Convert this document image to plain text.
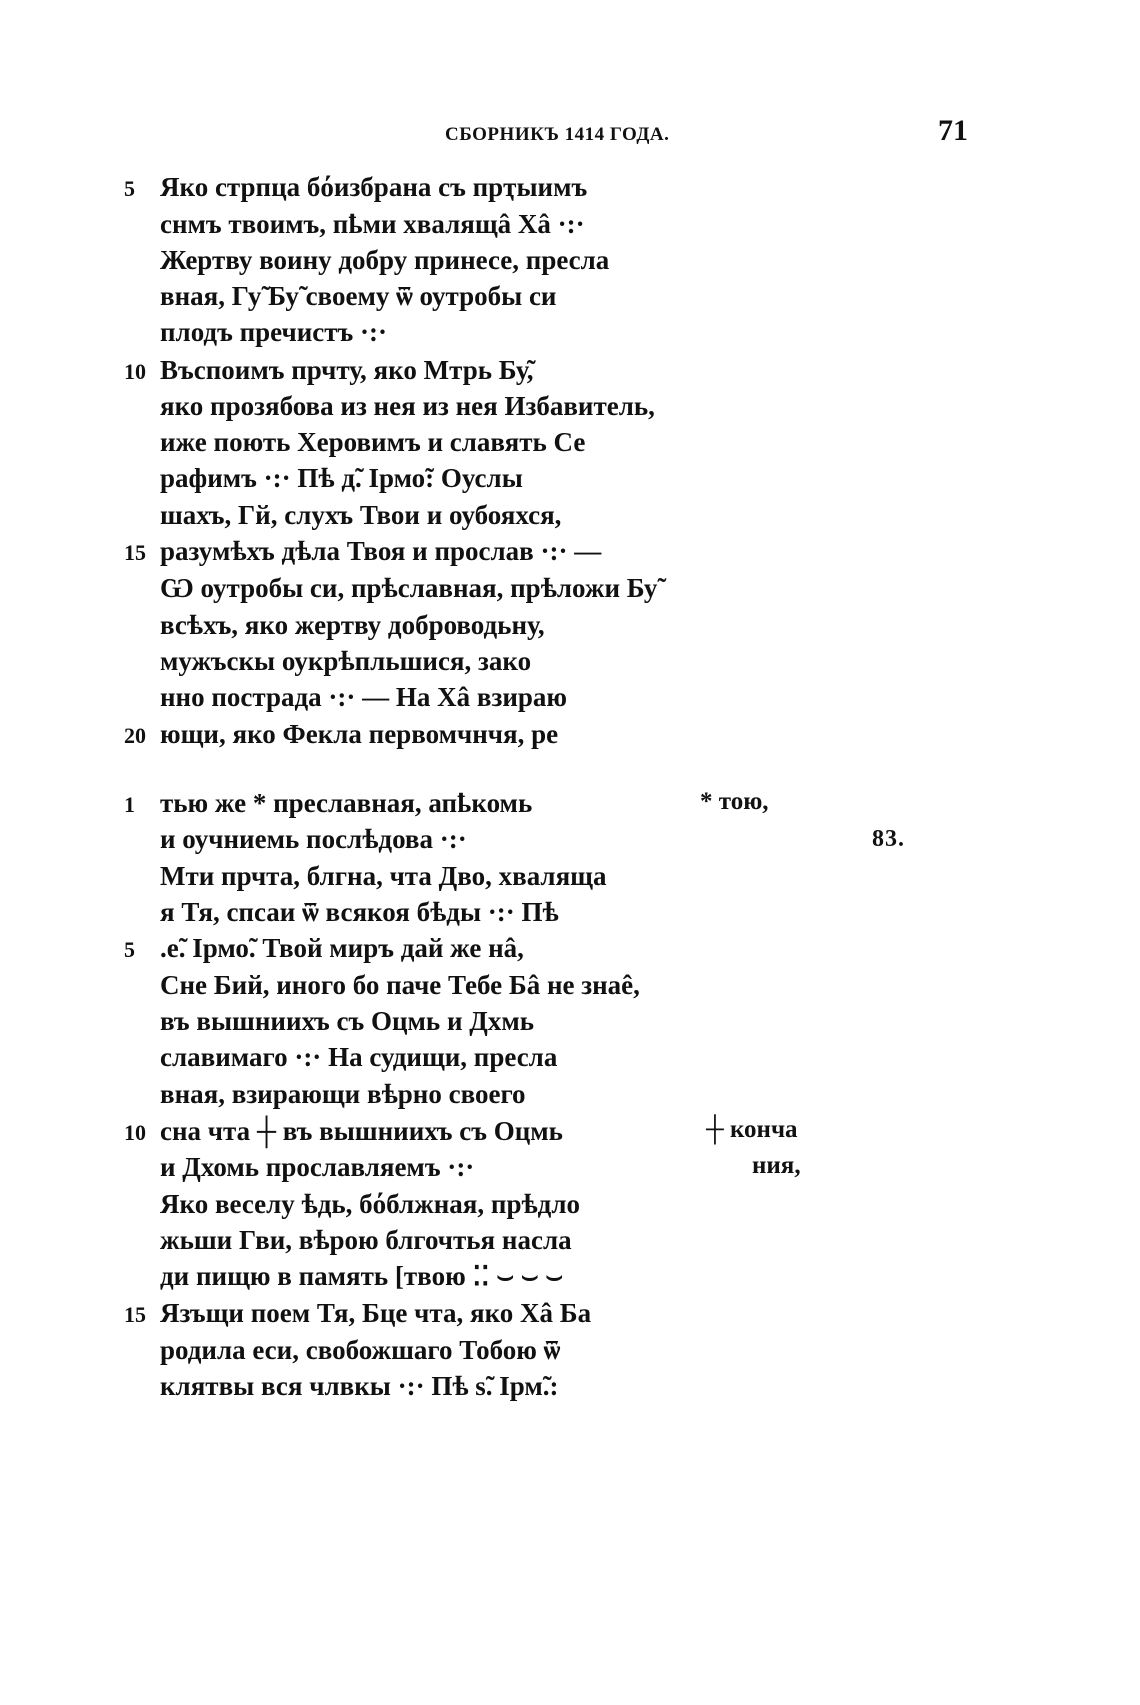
СБОРНИКЪ 1414 ГОДА.	71
Яко стрпца бόизбрана съ прҭыимъ
снмъ твоимъ, пҍми хвалящâ Хâ ·:·
Жертву воину добру принесе, пресла
вная, Гу̃ Бу̃ своему ѿ оутробы си
плодъ пречистъ ·:·
Въспоимъ прчту, яко Мтрь Бу̃,
яко прозябова из нея из нея Избавитель,
иже поють Херовимъ и славять Се
рафимъ ·:· Пѣ д̃. Ірмо̃: Оуслы
шахъ, Гй, слухъ Твои и оубояхся,
разумѣхъ дѣла Твоя и прослав ·:· —
Ѡ оутробы си, прѣславная, прѣложи Бу̃
всѣхъ, яко жертву доброводьну,
мужъскы оукрѣпльшися, зако
нно пострада ·:· — На Хâ взираю
ющи, яко Фекла первомчнчя, ре
5
10
15
20
83.
тью же * преславная, апҍкомь
и оучниемь послѣдова ·:·
Мти прчта, блгна, чта Дво, хваляща
я Тя, спсаи ѿ всякоя бѣды ·:· Пѣ
.е̃. Ірмо̃. Твой миръ дай же нâ,
Сне Бий, иного бо паче Тебе Бâ не знаê,
въ вышниихъ съ Оцмь и Дхмь
славимаго ·:· На судищи, пресла
вная, взирающи вѣрно своего
сна чта ┼ въ вышниихъ съ Оцмь
и Дхомь прославляемъ ·:·
Яко веселу ѣдь, бόблжная, прѣдло
жьши Гви, вѣрою блгочтья насла
ди пищю в память [твою ⁚⁚ ⌣ ⌣ ⌣
Язъщи поем Тя, Бце чта, яко Хâ Ба
родила еси, свобожшаго Тобою ѿ
клятвы вся члвкы ·:· Пѣ ѕ̃. Ірм̃.:
1
5
10
15
* тою,
┼ конча
ния,
